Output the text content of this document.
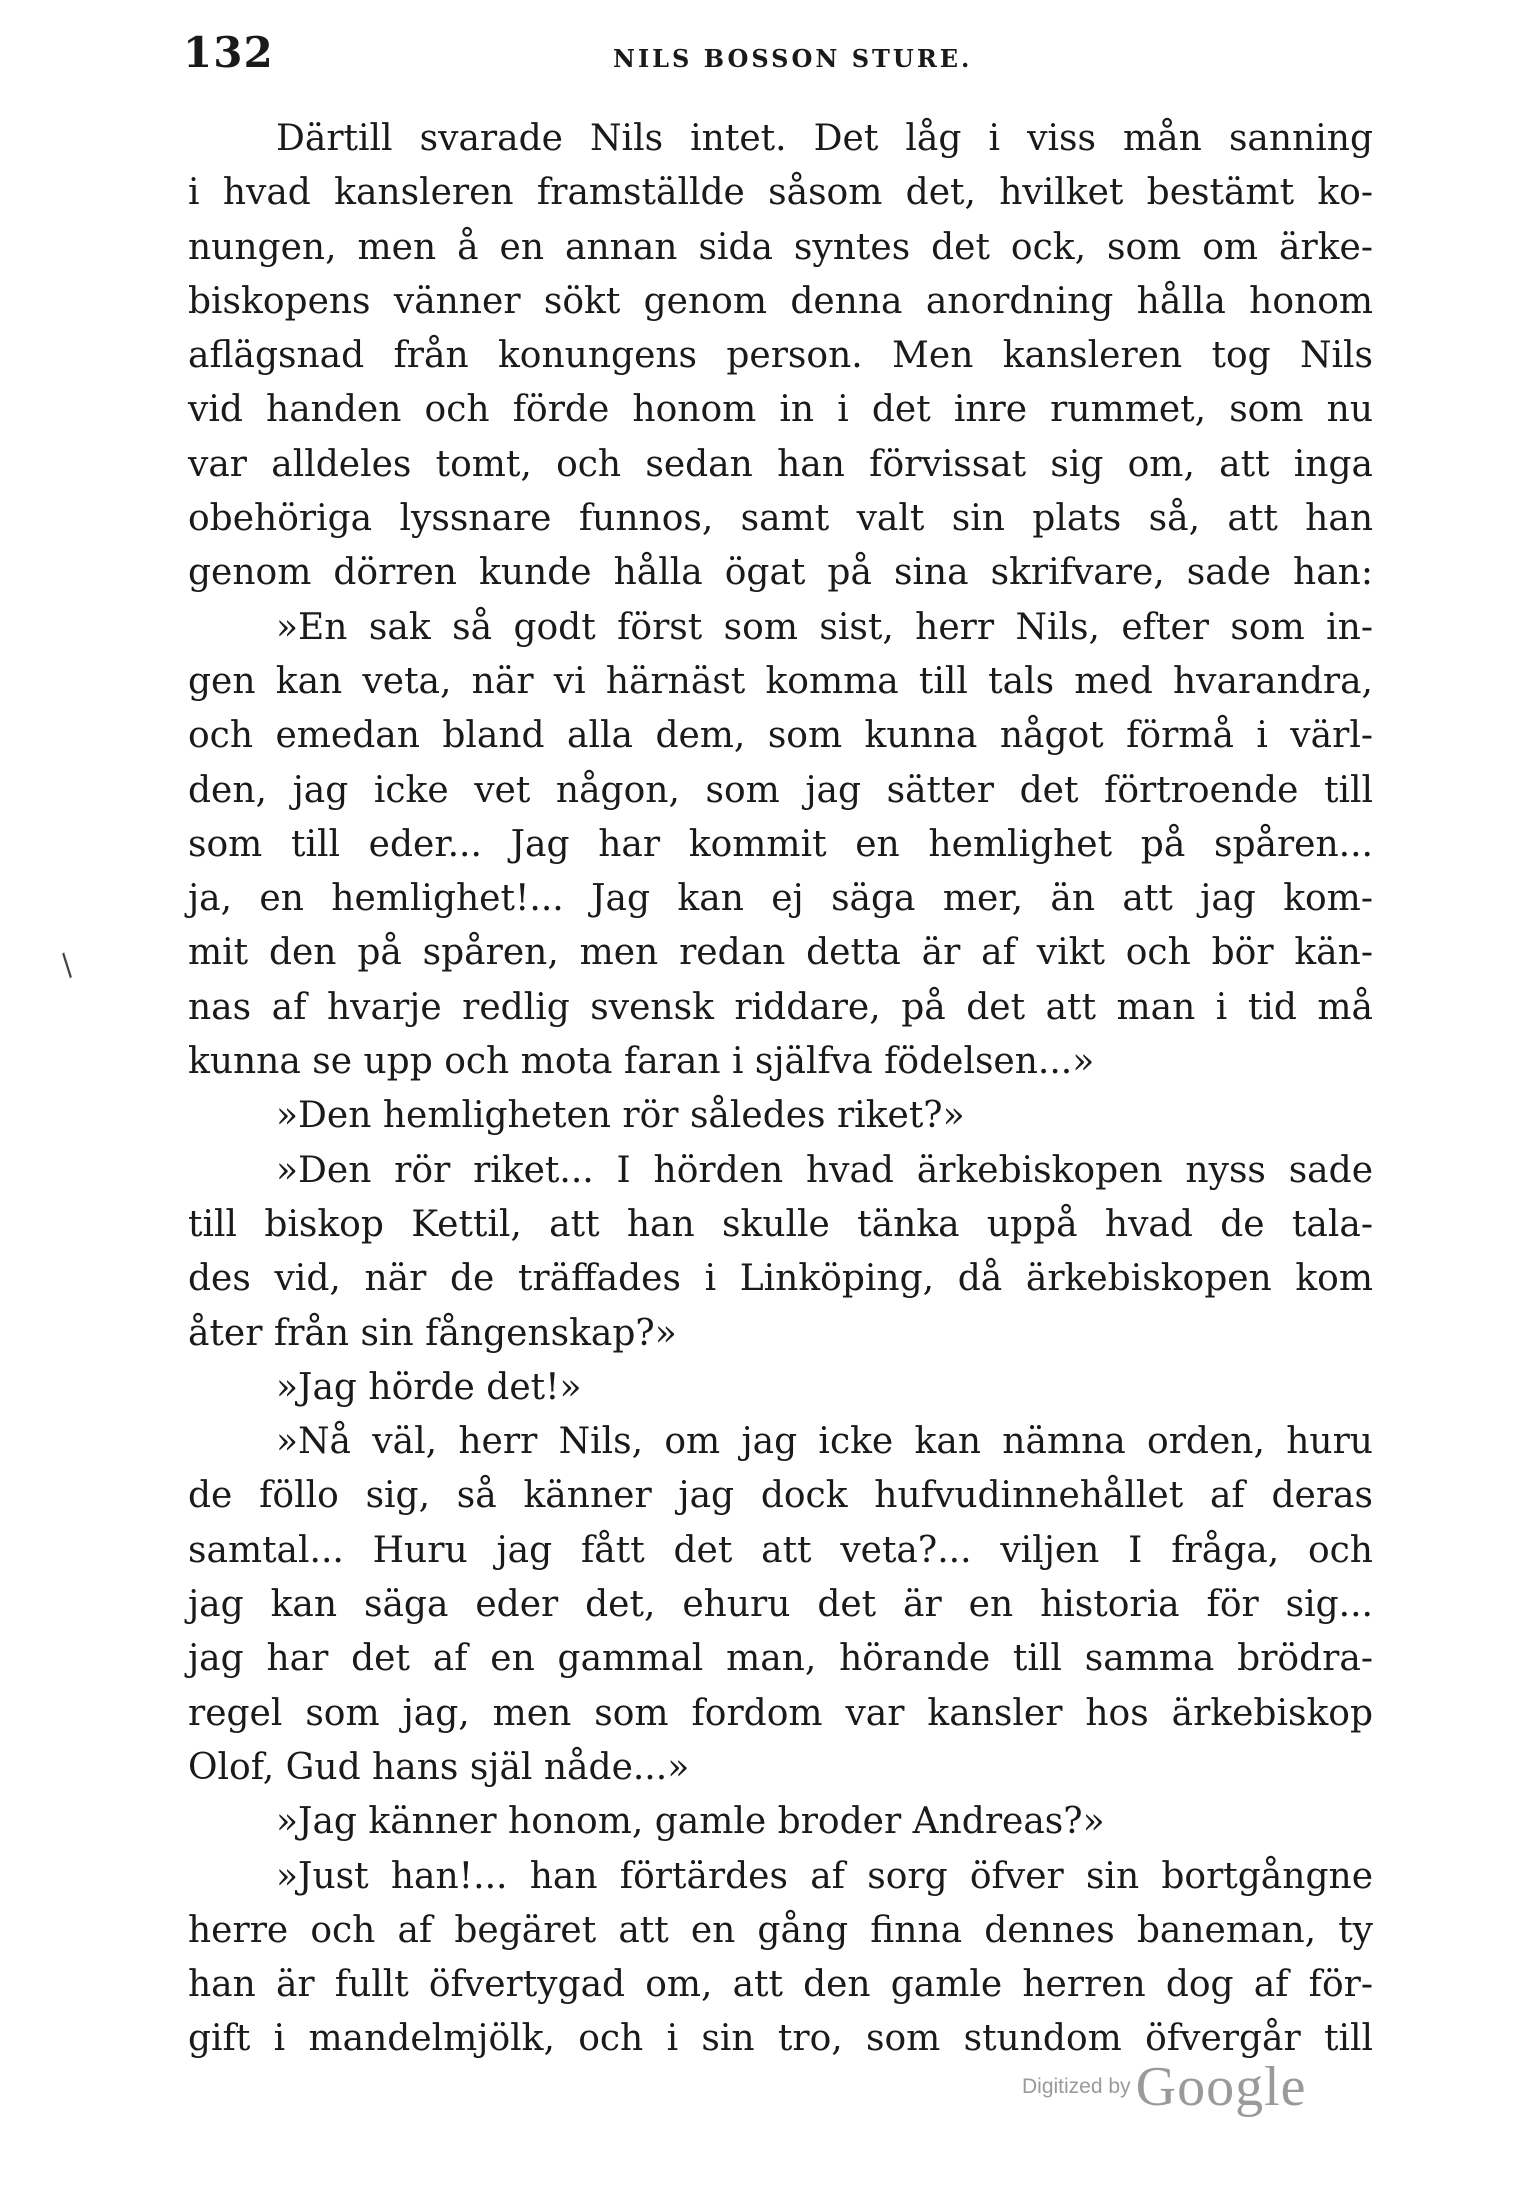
132	NILS BOSSON STURE.
Därtill svarade Nils intet. Det låg i viss mån sanning
i hvad kansleren framställde såsom det, hvilket bestämt ko-
nungen, men å en annan sida syntes det ock, som om ärke-
biskopens vänner sökt genom denna anordning hålla honom
aflägsnad från konungens person. Men kansleren tog Nils
vid handen och förde honom in i det inre rummet, som nu
var alldeles tomt, och sedan han förvissat sig om, att inga
obehöriga lyssnare funnos, samt valt sin plats så, att han
genom dörren kunde hålla ögat på sina skrifvare, sade han:
»En sak så godt först som sist, herr Nils, efter som in-
gen kan veta, när vi härnäst komma till tals med hvarandra,
och emedan bland alla dem, som kunna något förmå i värl-
den, jag icke vet någon, som jag sätter det förtroende till
som till eder... Jag har kommit en hemlighet på spåren...
ja, en hemlighet!... Jag kan ej säga mer, än att jag kom-
mit den på spåren, men redan detta är af vikt och bör kän-
nas af hvarje redlig svensk riddare, på det att man i tid må
kunna se upp och mota faran i själfva födelsen...»
»Den hemligheten rör således riket?»
»Den rör riket... I hörden hvad ärkebiskopen nyss sade
till biskop Kettil, att han skulle tänka uppå hvad de tala-
des vid, när de träffades i Linköping, då ärkebiskopen kom
åter från sin fångenskap?»
»Jag hörde det!»
»Nå väl, herr Nils, om jag icke kan nämna orden, huru
de föllo sig, så känner jag dock hufvudinnehållet af deras
samtal... Huru jag fått det att veta?... viljen I fråga, och
jag kan säga eder det, ehuru det är en historia för sig...
jag har det af en gammal man, hörande till samma brödra-
regel som jag, men som fordom var kansler hos ärkebiskop
Olof, Gud hans själ nåde...»
»Jag känner honom, gamle broder Andreas?»
»Just han!... han förtärdes af sorg öfver sin bortgångne
herre och af begäret att en gång finna dennes baneman, ty
han är fullt öfvertygad om, att den gamle herren dog af för-
gift i mandelmjölk, och i sin tro, som stundom öfvergår till
/
Digitized by Google
